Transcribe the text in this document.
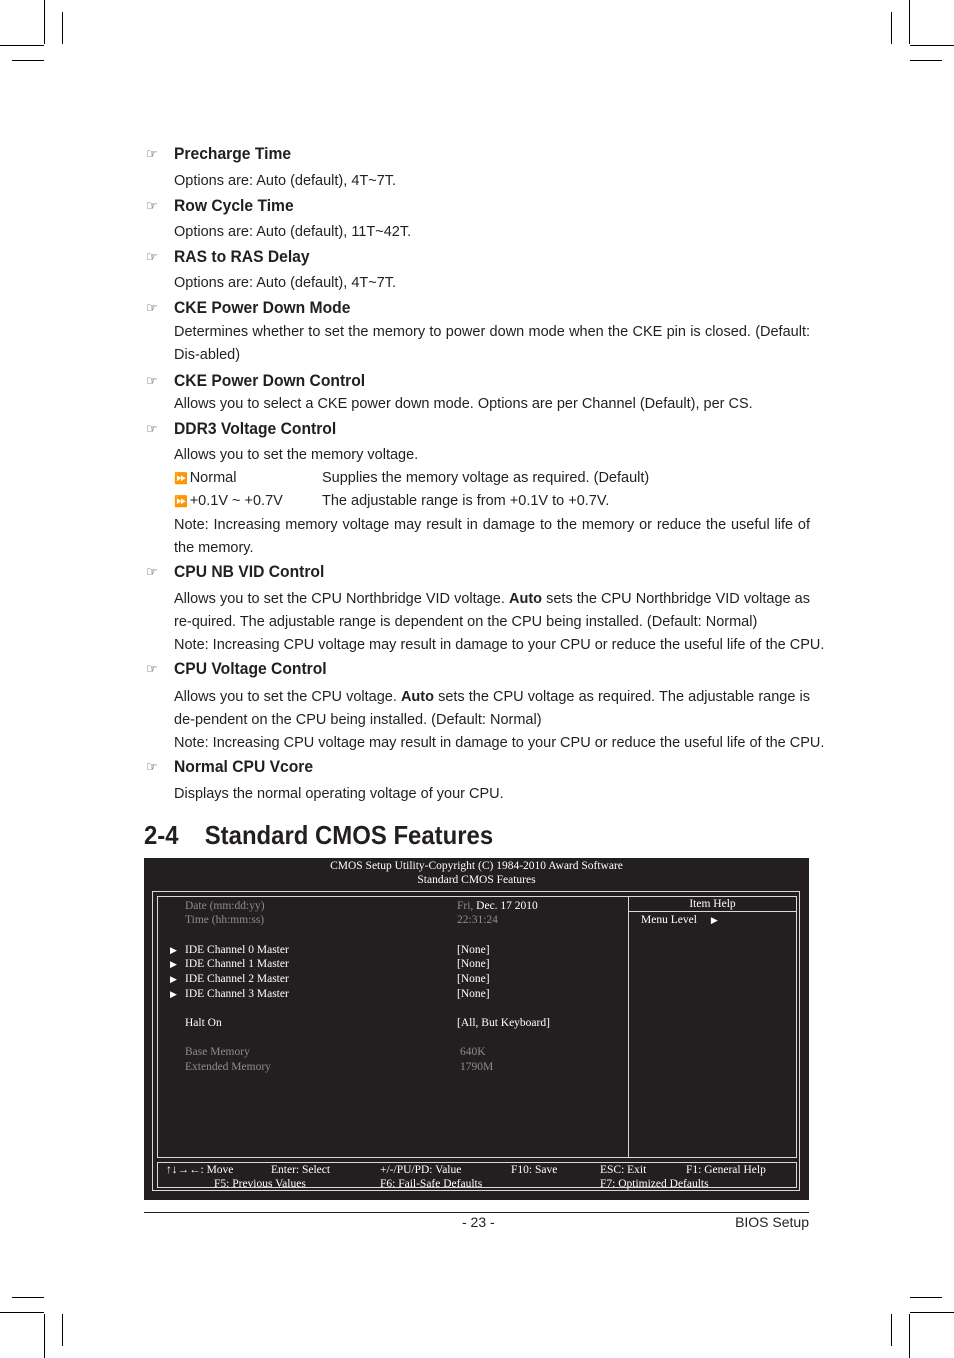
☞ Precharge Time
Options are: Auto (default), 4T~7T.
☞ Row Cycle Time
Options are: Auto (default), 11T~42T.
☞ RAS to RAS Delay
Options are: Auto (default), 4T~7T.
☞ CKE Power Down Mode
Determines whether to set the memory to power down mode when the CKE pin is closed. (Default: Dis-abled)
☞ CKE Power Down Control
Allows you to select a CKE power down mode. Options are per Channel (Default), per CS.
☞ DDR3 Voltage Control
Allows you to set the memory voltage.
⏩ Normal	Supplies the memory voltage as required. (Default)
⏩ +0.1V ~ +0.7V	The adjustable range is from +0.1V to +0.7V.
Note: Increasing memory voltage may result in damage to the memory or reduce the useful life of the memory.
☞ CPU NB VID Control
Allows you to set the CPU Northbridge VID voltage. Auto sets the CPU Northbridge VID voltage as re-quired. The adjustable range is dependent on the CPU being installed. (Default: Normal)
Note: Increasing CPU voltage may result in damage to your CPU or reduce the useful life of the CPU.
☞ CPU Voltage Control
Allows you to set the CPU voltage. Auto sets the CPU voltage as required. The adjustable range is de-pendent on the CPU being installed. (Default: Normal)
Note: Increasing CPU voltage may result in damage to your CPU or reduce the useful life of the CPU.
☞ Normal CPU Vcore
Displays the normal operating voltage of your CPU.
2-4 Standard CMOS Features
CMOS Setup Utility-Copyright (C) 1984-2010 Award Software
Standard CMOS Features
Date (mm:dd:yy)	Fri, Dec. 17 2010
Time (hh:mm:ss)	22:31:24
▶ IDE Channel 0 Master	[None]
▶ IDE Channel 1 Master	[None]
▶ IDE Channel 2 Master	[None]
▶ IDE Channel 3 Master	[None]
Halt On	[All, But Keyboard]
Base Memory	640K
Extended Memory	1790M
Item Help
Menu Level ▶
↑↓→←: Move	Enter: Select	+/-/PU/PD: Value	F10: Save	ESC: Exit	F1: General Help
F5: Previous Values	F6: Fail-Safe Defaults	F7: Optimized Defaults
- 23 -	BIOS Setup
